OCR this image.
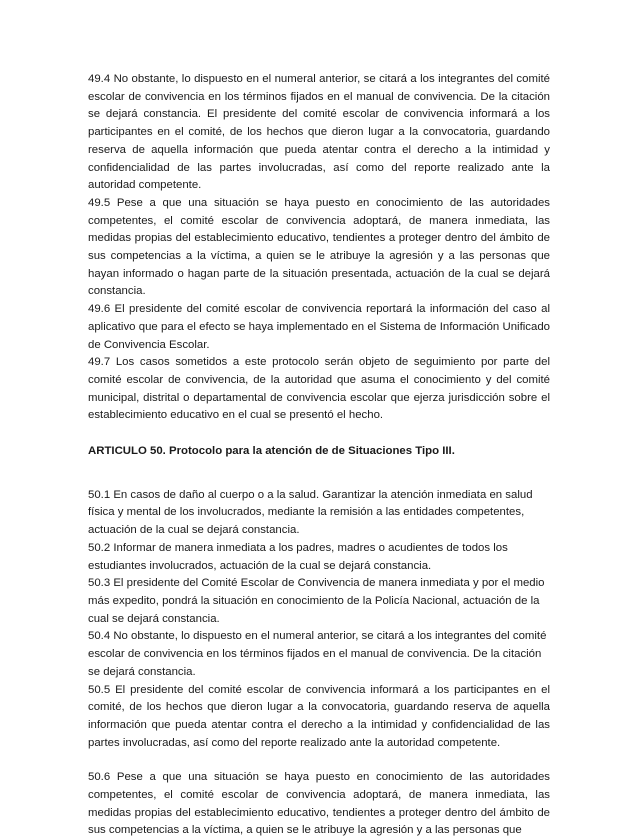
49.4 No obstante, lo dispuesto en el numeral anterior, se citará a los integrantes del comité escolar de convivencia en los términos fijados en el manual de convivencia. De la citación se dejará constancia. El presidente del comité escolar de convivencia informará a los participantes en el comité, de los hechos que dieron lugar a la convocatoria, guardando reserva de aquella información que pueda atentar contra el derecho a la intimidad y confidencialidad de las partes involucradas, así como del reporte realizado ante la autoridad competente.

49.5 Pese a que una situación se haya puesto en conocimiento de las autoridades competentes, el comité escolar de convivencia adoptará, de manera inmediata, las medidas propias del establecimiento educativo, tendientes a proteger dentro del ámbito de sus competencias a la víctima, a quien se le atribuye la agresión y a las personas que hayan informado o hagan parte de la situación presentada, actuación de la cual se dejará constancia.

49.6 El presidente del comité escolar de convivencia reportará la información del caso al aplicativo que para el efecto se haya implementado en el Sistema de Información Unificado de Convivencia Escolar.

49.7 Los casos sometidos a este protocolo serán objeto de seguimiento por parte del comité escolar de convivencia, de la autoridad que asuma el conocimiento y del comité municipal, distrital o departamental de convivencia escolar que ejerza jurisdicción sobre el establecimiento educativo en el cual se presentó el hecho.

ARTICULO 50. Protocolo para la atención de de Situaciones Tipo III.

50.1 En casos de daño al cuerpo o a la salud. Garantizar la atención inmediata en salud física y mental de los involucrados, mediante la remisión a las entidades competentes, actuación de la cual se dejará constancia.

50.2 Informar de manera inmediata a los padres, madres o acudientes de todos los estudiantes involucrados, actuación de la cual se dejará constancia.

50.3 El presidente del Comité Escolar de Convivencia de manera inmediata y por el medio más expedito, pondrá la situación en conocimiento de la Policía Nacional, actuación de la cual se dejará constancia.

50.4 No obstante, lo dispuesto en el numeral anterior, se citará a los integrantes del comité escolar de convivencia en los términos fijados en el manual de convivencia. De la citación se dejará constancia.

50.5 El presidente del comité escolar de convivencia informará a los participantes en el comité, de los hechos que dieron lugar a la convocatoria, guardando reserva de aquella información que pueda atentar contra el derecho a la intimidad y confidencialidad de las partes involucradas, así como del reporte realizado ante la autoridad competente.

50.6 Pese a que una situación se haya puesto en conocimiento de las autoridades competentes, el comité escolar de convivencia adoptará, de manera inmediata, las medidas propias del establecimiento educativo, tendientes a proteger dentro del ámbito de sus competencias a la víctima, a quien se le atribuye la agresión y a las personas que
